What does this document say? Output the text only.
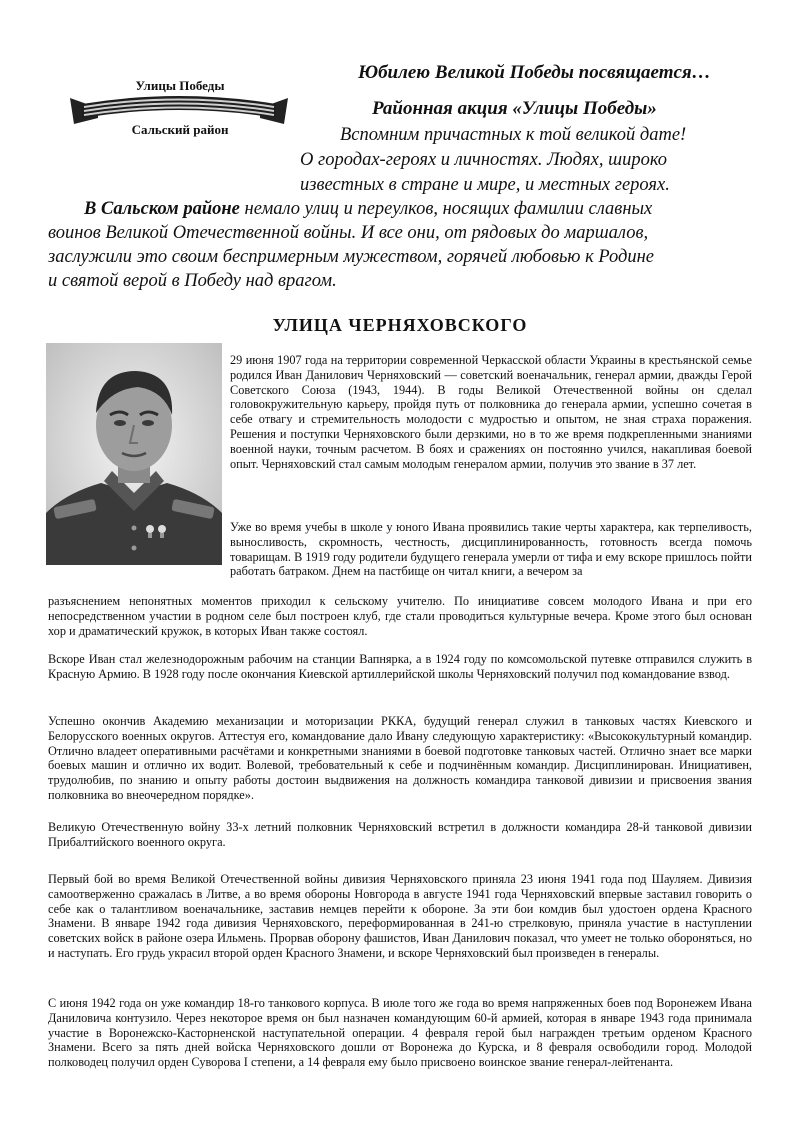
Улицы Победы
Сальский район
Юбилею Великой Победы посвящается…
Районная акция «Улицы Победы»
Вспомним причастных к той великой дате!
О городах-героях и личностях. Людях, широко
известных в стране и мире, и местных героях.
В Сальском районе немало улиц и переулков, носящих фамилии славных
воинов Великой Отечественной войны. И все они, от рядовых до маршалов,
заслужили это своим беспримерным мужеством, горячей любовью к Родине
и святой верой в Победу над врагом.
УЛИЦА ЧЕРНЯХОВСКОГО

29 июня 1907 года на территории современной Черкасской области Украины в крестьянской семье родился Иван Данилович Черняховский — советский военачальник, генерал армии, дважды Герой Советского Союза (1943, 1944). В годы Великой Отечественной войны он сделал головокружительную карьеру, пройдя путь от полковника до генерала армии, успешно сочетая в себе отвагу и стремительность молодости с мудростью и опытом, не зная страха поражения. Решения и поступки Черняховского были дерзкими, но в то же время подкрепленными знаниями военной науки, точным расчетом. В боях и сражениях он постоянно учился, накапливая боевой опыт. Черняховский стал самым молодым генералом армии, получив это звание в 37 лет.

Уже во время учебы в школе у юного Ивана проявились такие черты характера, как терпеливость, выносливость, скромность, честность, дисциплинированность, готовность всегда помочь товарищам. В 1919 году родители будущего генерала умерли от тифа и ему вскоре пришлось пойти работать батраком. Днем на пастбище он читал книги, а вечером за

разъяснением непонятных моментов приходил к сельскому учителю. По инициативе совсем молодого Ивана и при его непосредственном участии в родном селе был построен клуб, где стали проводиться культурные вечера. Кроме этого был основан хор и драматический кружок, в которых Иван также состоял.

Вскоре Иван стал железнодорожным рабочим на станции Вапнярка, а в 1924 году по комсомольской путевке отправился служить в Красную Армию. В 1928 году после окончания Киевской артиллерийской школы Черняховский получил под командование взвод.

Успешно окончив Академию механизации и моторизации РККА, будущий генерал служил в танковых частях Киевского и Белорусского военных округов. Аттестуя его, командование дало Ивану следующую характеристику: «Высококультурный командир. Отлично владеет оперативными расчётами и конкретными знаниями в боевой подготовке танковых частей. Отлично знает все марки боевых машин и отлично их водит. Волевой, требовательный к себе и подчинённым командир. Дисциплинирован. Инициативен, трудолюбив, по знанию и опыту работы достоин выдвижения на должность командира танковой дивизии и присвоения звания полковника во внеочередном порядке».

Великую Отечественную войну 33-х летний полковник Черняховский встретил в должности командира 28-й танковой дивизии Прибалтийского военного округа.

Первый бой во время Великой Отечественной войны дивизия Черняховского приняла 23 июня 1941 года под Шауляем. Дивизия самоотверженно сражалась в Литве, а во время обороны Новгорода в августе 1941 года Черняховский впервые заставил говорить о себе как о талантливом военачальнике, заставив немцев перейти к обороне. За эти бои комдив был удостоен ордена Красного Знамени. В январе 1942 года дивизия Черняховского, переформированная в 241-ю стрелковую, приняла участие в наступлении советских войск в районе озера Ильмень. Прорвав оборону фашистов, Иван Данилович показал, что умеет не только обороняться, но и наступать. Его грудь украсил второй орден Красного Знамени, и вскоре Черняховский был произведен в генералы.

С июня 1942 года он уже командир 18-го танкового корпуса. В июле того же года во время напряженных боев под Воронежем Ивана Даниловича контузило. Через некоторое время он был назначен командующим 60-й армией, которая в январе 1943 года принимала участие в Воронежско-Касторненской наступательной операции. 4 февраля герой был награжден третьим орденом Красного Знамени. Всего за пять дней войска Черняховского дошли от Воронежа до Курска, и 8 февраля освободили город. Молодой полководец получил орден Суворова I степени, а 14 февраля ему было присвоено воинское звание генерал-лейтенанта.
